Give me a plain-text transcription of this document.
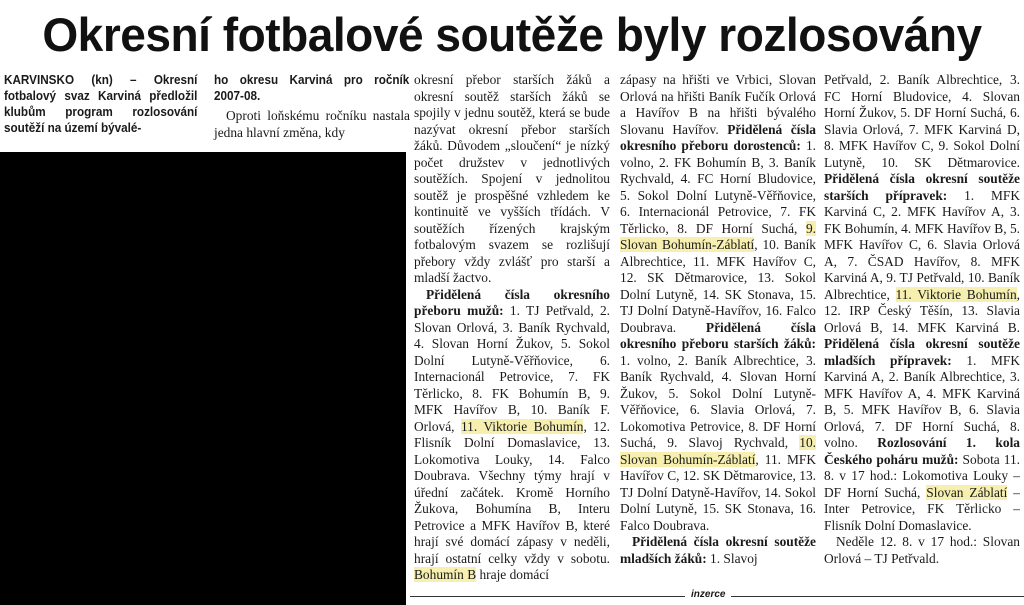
Okresní fotbalové soutěže byly rozlosovány
KARVINSKO (kn) – Okresní fotbalový svaz Karviná předložil klubům program rozlosování soutěží na území bývalé-
ho okresu Karviná pro ročník 2007-08.
Oproti loňskému ročníku nastala jedna hlavní změna, kdy
okresní přebor starších žáků a okresní soutěž starších žáků se spojily v jednu soutěž, která se bude nazývat okresní přebor starších žáků. Důvodem „sloučení“ je nízký počet družstev v jednotlivých soutěžích. Spojení v jednolitou soutěž je prospěšné vzhledem ke kontinuitě ve vyšších třídách. V soutěžích řízených krajským fotbalovým svazem se rozlišují přebory vždy zvlášť pro starší a mladší žactvo.
Přidělená čísla okresního přeboru mužů: 1. TJ Petřvald, 2. Slovan Orlová, 3. Baník Rychvald, 4. Slovan Horní Žukov, 5. Sokol Dolní Lutyně-Věřňovice, 6. Internacionál Petrovice, 7. FK Těrlicko, 8. FK Bohumín B, 9. MFK Havířov B, 10. Baník F. Orlová, 11. Viktorie Bohumín, 12. Flisník Dolní Domaslavice, 13. Lokomotiva Louky, 14. Falco Doubrava. Všechny týmy hrají v úřední začátek. Kromě Horního Žukova, Bohumína B, Interu Petrovice a MFK Havířov B, které hrají své domácí zápasy v neděli, hrají ostatní celky vždy v sobotu. Bohumín B hraje domácí
zápasy na hřišti ve Vrbici, Slovan Orlová na hřišti Baník Fučík Orlová a Havířov B na hřišti bývalého Slovanu Havířov. Přidělená čísla okresního přeboru dorostenců: 1. volno, 2. FK Bohumín B, 3. Baník Rychvald, 4. FC Horní Bludovice, 5. Sokol Dolní Lutyně-Věřňovice, 6. Internacionál Petrovice, 7. FK Těrlicko, 8. DF Horní Suchá, 9. Slovan Bohumín-Záblatí, 10. Baník Albrechtice, 11. MFK Havířov C, 12. SK Dětmarovice, 13. Sokol Dolní Lutyně, 14. SK Stonava, 15. TJ Dolní Datyně-Havířov, 16. Falco Doubrava. Přidělená čísla okresního přeboru starších žáků: 1. volno, 2. Baník Albrechtice, 3. Baník Rychvald, 4. Slovan Horní Žukov, 5. Sokol Dolní Lutyně-Věřňovice, 6. Slavia Orlová, 7. Lokomotiva Petrovice, 8. DF Horní Suchá, 9. Slavoj Rychvald, 10. Slovan Bohumín-Záblatí, 11. MFK Havířov C, 12. SK Dětmarovice, 13. TJ Dolní Datyně-Havířov, 14. Sokol Dolní Lutyně, 15. SK Stonava, 16. Falco Doubrava.
Přidělená čísla okresní soutěže mladších žáků: 1. Slavoj
Petřvald, 2. Baník Albrechtice, 3. FC Horní Bludovice, 4. Slovan Horní Žukov, 5. DF Horní Suchá, 6. Slavia Orlová, 7. MFK Karviná D, 8. MFK Havířov C, 9. Sokol Dolní Lutyně, 10. SK Dětmarovice. Přidělená čísla okresní soutěže starších přípravek: 1. MFK Karviná C, 2. MFK Havířov A, 3. FK Bohumín, 4. MFK Havířov B, 5. MFK Havířov C, 6. Slavia Orlová A, 7. ČSAD Havířov, 8. MFK Karviná A, 9. TJ Petřvald, 10. Baník Albrechtice, 11. Viktorie Bohumín, 12. IRP Český Těšín, 13. Slavia Orlová B, 14. MFK Karviná B. Přidělená čísla okresní soutěže mladších přípravek: 1. MFK Karviná A, 2. Baník Albrechtice, 3. MFK Havířov A, 4. MFK Karviná B, 5. MFK Havířov B, 6. Slavia Orlová, 7. DF Horní Suchá, 8. volno. Rozlosování 1. kola Českého poháru mužů: Sobota 11. 8. v 17 hod.: Lokomotiva Louky – DF Horní Suchá, Slovan Záblatí – Inter Petrovice, FK Těrlicko – Flisník Dolní Domaslavice.
Neděle 12. 8. v 17 hod.: Slovan Orlová – TJ Petřvald.
inzerce
